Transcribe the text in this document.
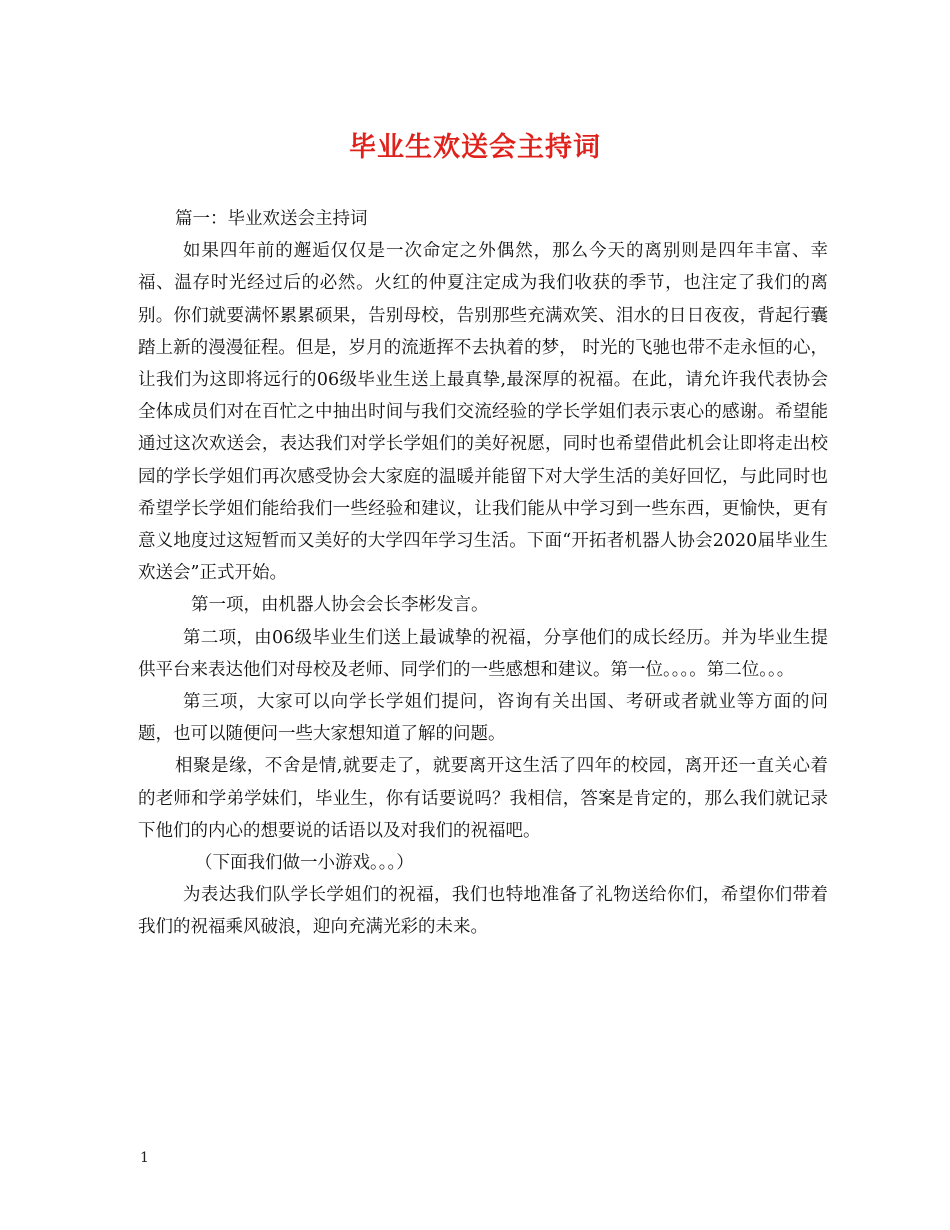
毕业生欢送会主持词

篇一：毕业欢送会主持词

如果四年前的邂逅仅仅是一次命定之外偶然，那么今天的离别则是四年丰富、幸福、温存时光经过后的必然。火红的仲夏注定成为我们收获的季节，也注定了我们的离别。你们就要满怀累累硕果，告别母校，告别那些充满欢笑、泪水的日日夜夜，背起行囊踏上新的漫漫征程。但是，岁月的流逝挥不去执着的梦， 时光的飞驰也带不走永恒的心，让我们为这即将远行的06级毕业生送上最真挚,最深厚的祝福。在此，请允许我代表协会全体成员们对在百忙之中抽出时间与我们交流经验的学长学姐们表示衷心的感谢。希望能通过这次欢送会，表达我们对学长学姐们的美好祝愿，同时也希望借此机会让即将走出校园的学长学姐们再次感受协会大家庭的温暖并能留下对大学生活的美好回忆，与此同时也希望学长学姐们能给我们一些经验和建议，让我们能从中学习到一些东西，更愉快，更有意义地度过这短暂而又美好的大学四年学习生活。下面“开拓者机器人协会2020届毕业生欢送会”正式开始。

第一项，由机器人协会会长李彬发言。

第二项，由06级毕业生们送上最诚挚的祝福，分享他们的成长经历。并为毕业生提供平台来表达他们对母校及老师、同学们的一些感想和建议。第一位。。。。第二位。。。

第三项，大家可以向学长学姐们提问，咨询有关出国、考研或者就业等方面的问题，也可以随便问一些大家想知道了解的问题。

相聚是缘，不舍是情,就要走了，就要离开这生活了四年的校园，离开还一直关心着的老师和学弟学妹们，毕业生，你有话要说吗？我相信，答案是肯定的，那么我们就记录下他们的内心的想要说的话语以及对我们的祝福吧。

（下面我们做一小游戏。。。）

为表达我们队学长学姐们的祝福，我们也特地准备了礼物送给你们，希望你们带着我们的祝福乘风破浪，迎向充满光彩的未来。

1
